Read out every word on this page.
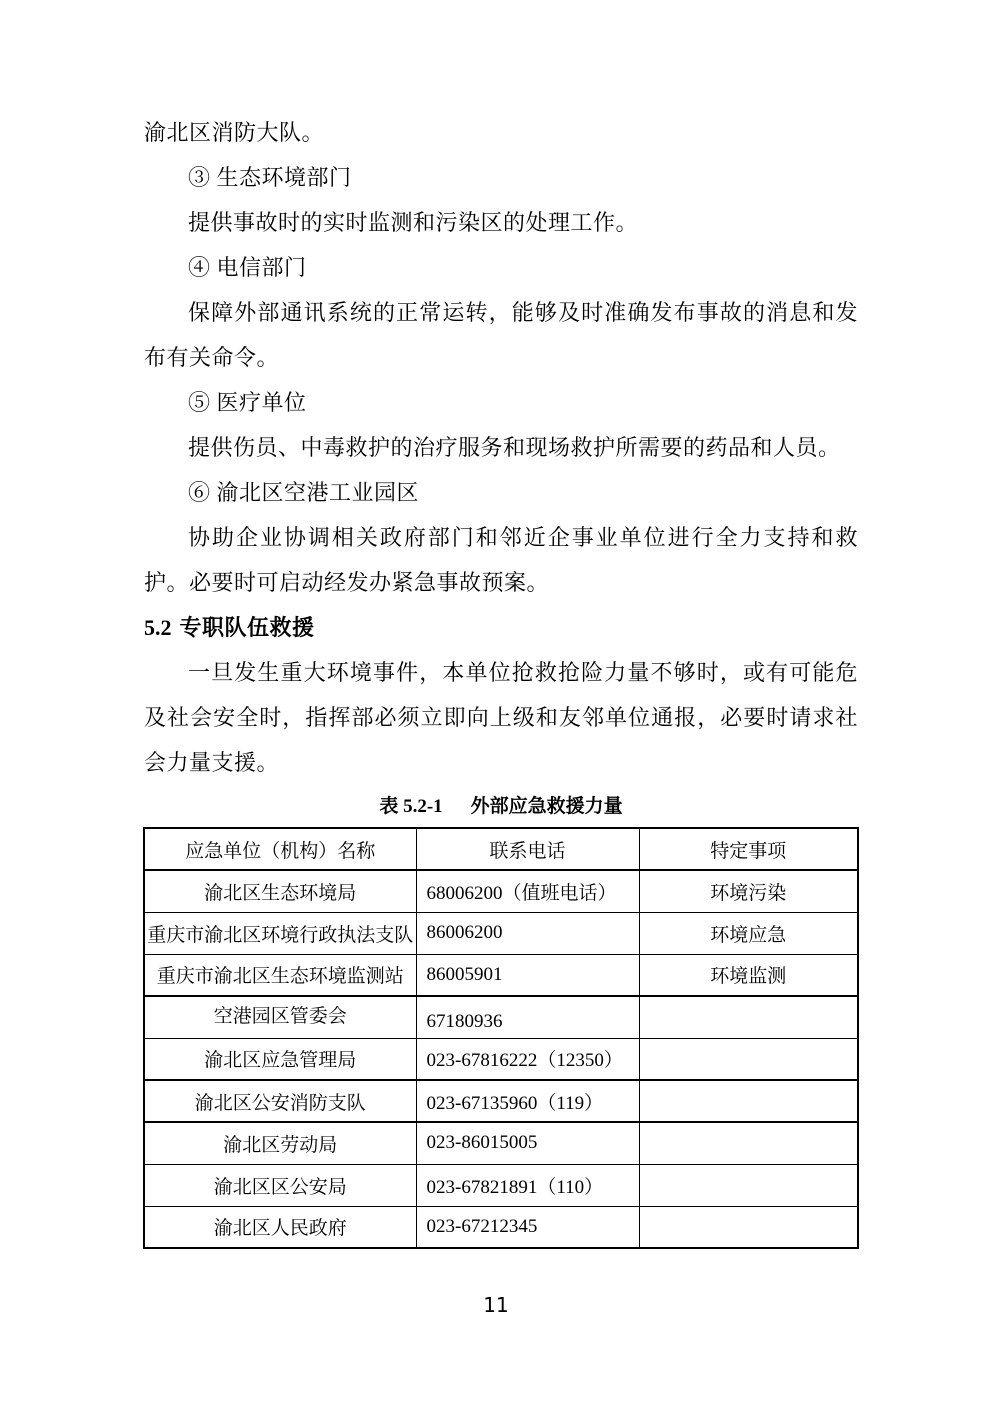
渝北区消防大队。

③ 生态环境部门

提供事故时的实时监测和污染区的处理工作。

④ 电信部门

保障外部通讯系统的正常运转，能够及时准确发布事故的消息和发布有关命令。

⑤ 医疗单位

提供伤员、中毒救护的治疗服务和现场救护所需要的药品和人员。

⑥ 渝北区空港工业园区

协助企业协调相关政府部门和邻近企事业单位进行全力支持和救护。必要时可启动经发办紧急事故预案。

5.2 专职队伍救援

一旦发生重大环境事件，本单位抢救抢险力量不够时，或有可能危及社会安全时，指挥部必须立即向上级和友邻单位通报，必要时请求社会力量支援。

表 5.2-1 外部应急救援力量
应急单位（机构）名称	联系电话	特定事项
渝北区生态环境局	68006200（值班电话）	环境污染
重庆市渝北区环境行政执法支队	86006200	环境应急
重庆市渝北区生态环境监测站	86005901	环境监测
空港园区管委会	67180936	
渝北区应急管理局	023-67816222（12350）	
渝北区公安消防支队	023-67135960（119）	
渝北区劳动局	023-86015005	
渝北区区公安局	023-67821891（110）	
渝北区人民政府	023-67212345	
11
